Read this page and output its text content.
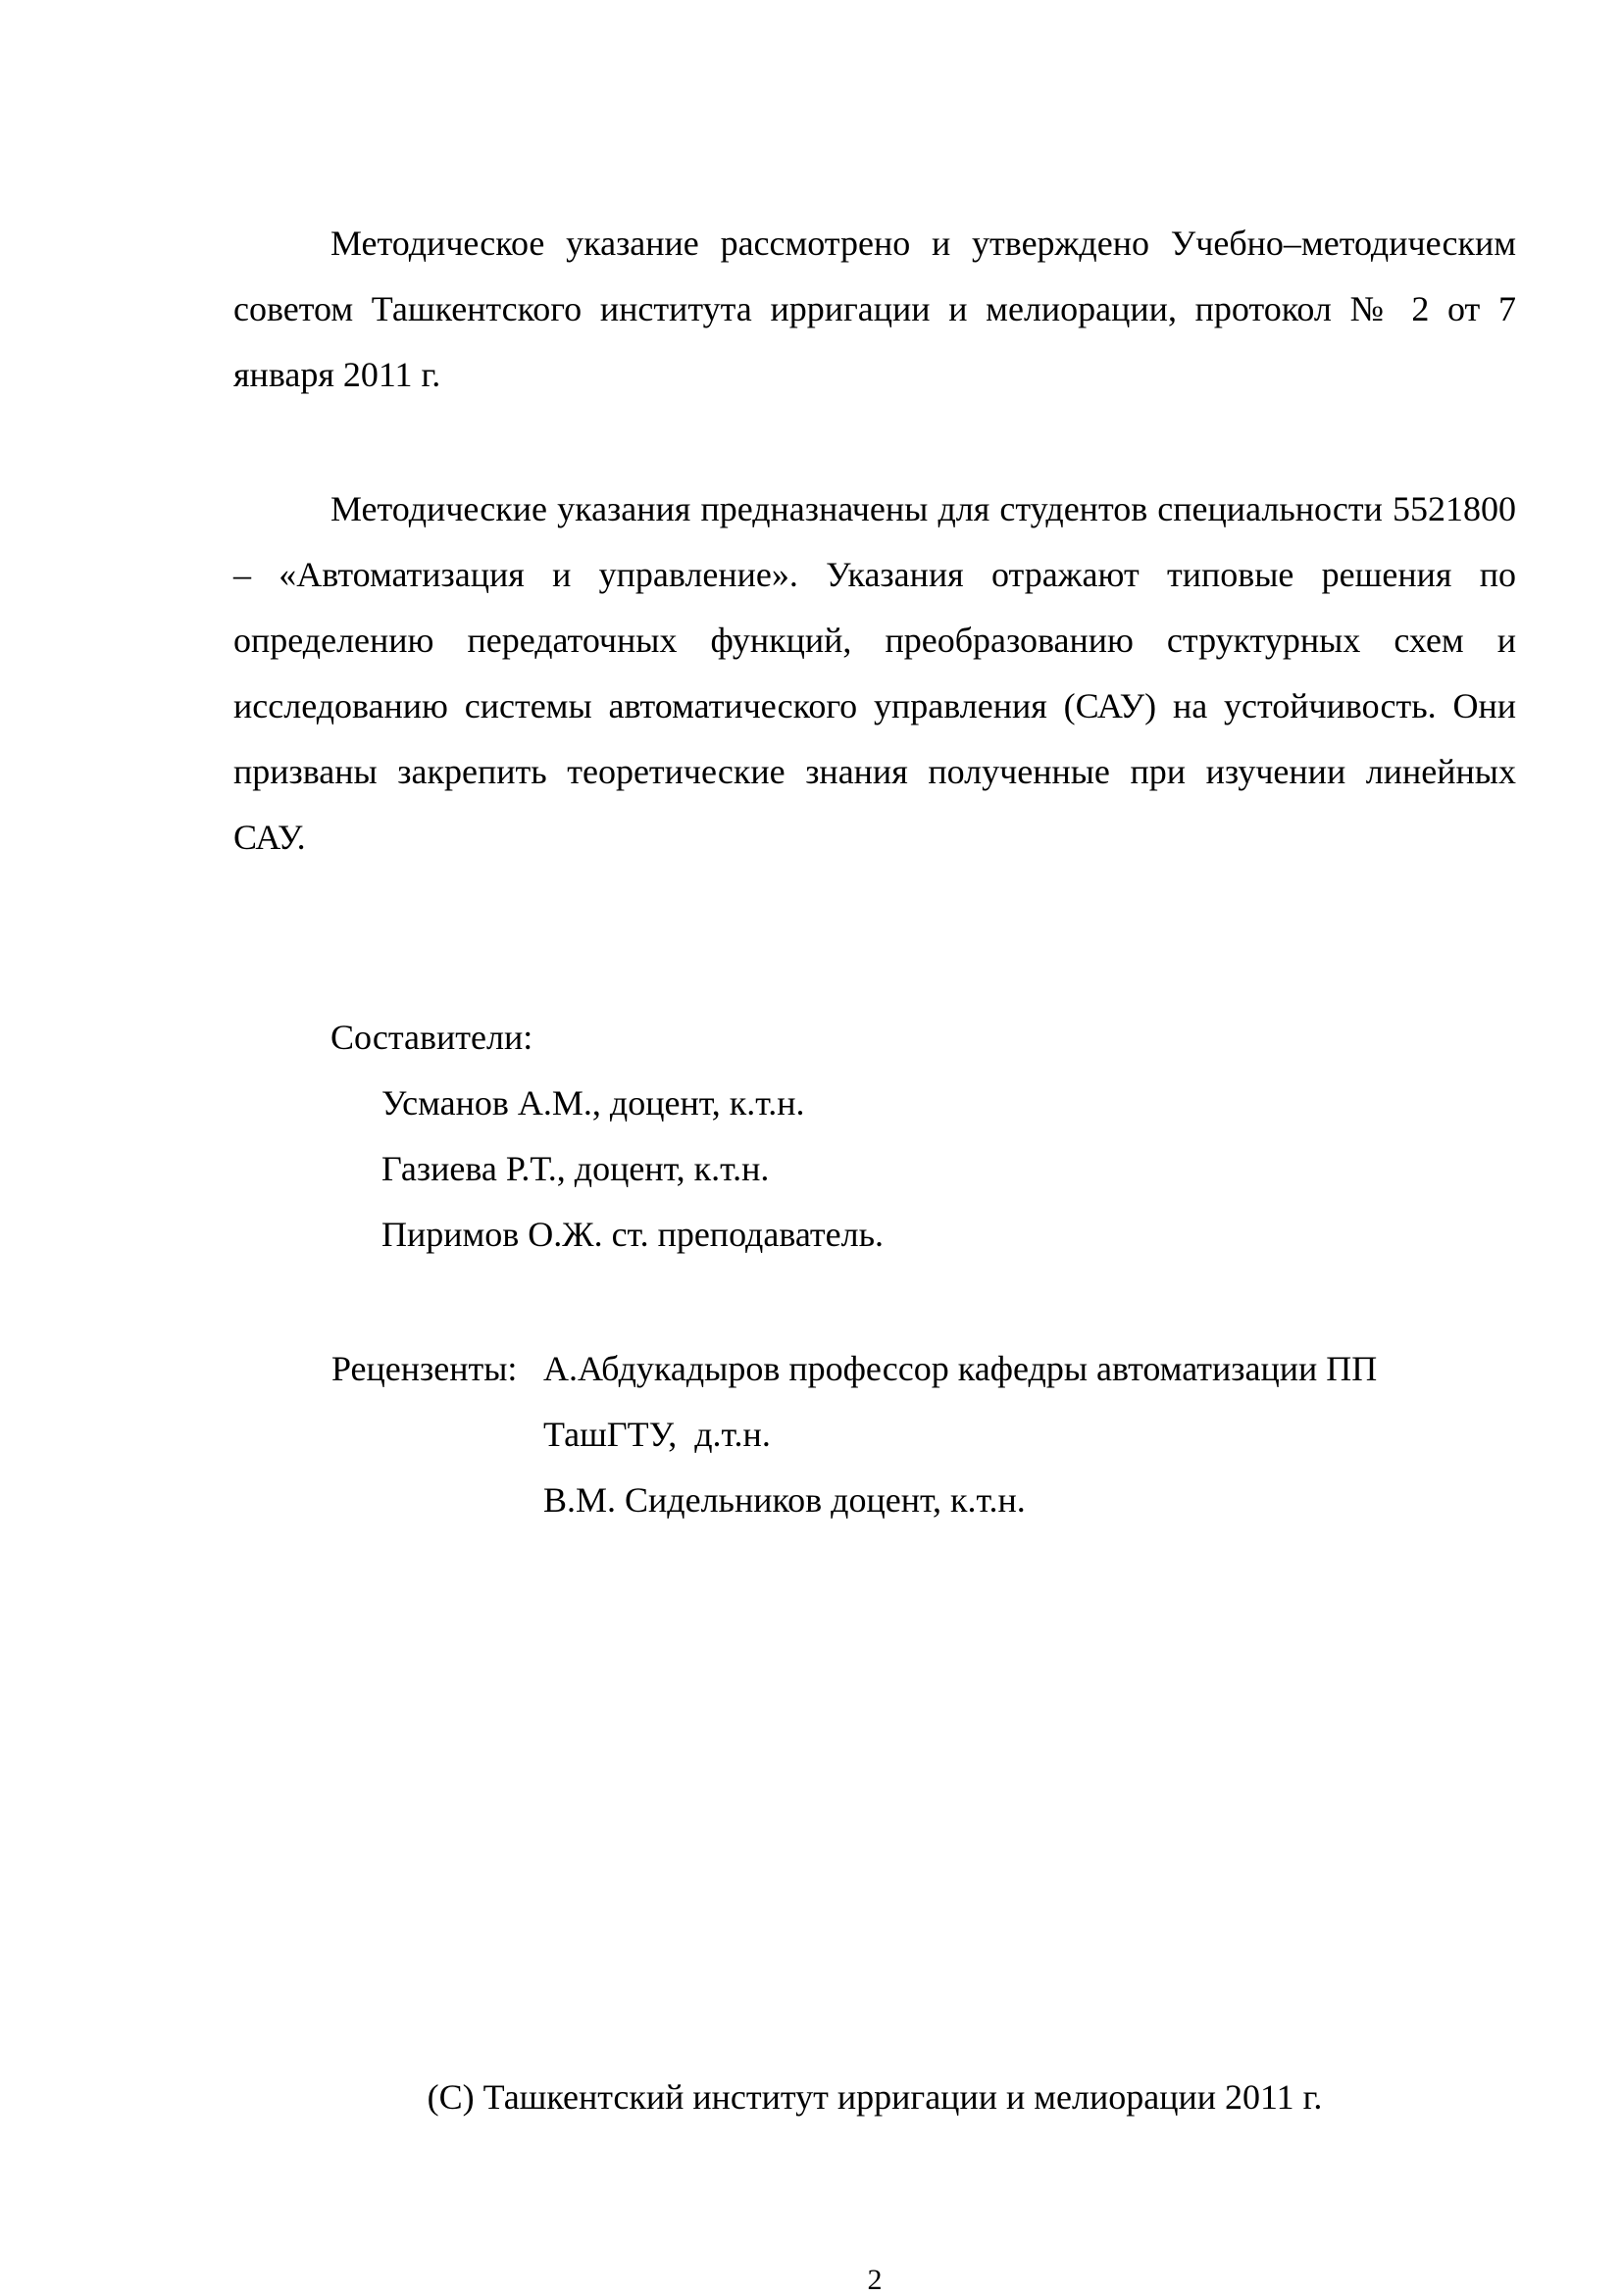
Методическое указание рассмотрено и утверждено Учебно–методическим советом Ташкентского института ирригации и мелиорации, протокол № 2 от 7 января 2011 г.

Методические указания предназначены для студентов специальности 5521800 – «Автоматизация и управление». Указания отражают типовые решения по определению передаточных функций, преобразованию структурных схем и исследованию системы автоматического управления (САУ) на устойчивость. Они призваны закрепить теоретические знания полученные при изучении линейных САУ.

Составители:
Усманов А.М., доцент, к.т.н.
Газиева Р.Т., доцент, к.т.н.
Пиримов О.Ж. ст. преподаватель.
Рецензенты: А.Абдукадыров профессор кафедры автоматизации ПП
ТашГТУ,  д.т.н.
В.М. Сидельников доцент, к.т.н.
(С) Ташкентский институт ирригации и мелиорации 2011 г.
2
